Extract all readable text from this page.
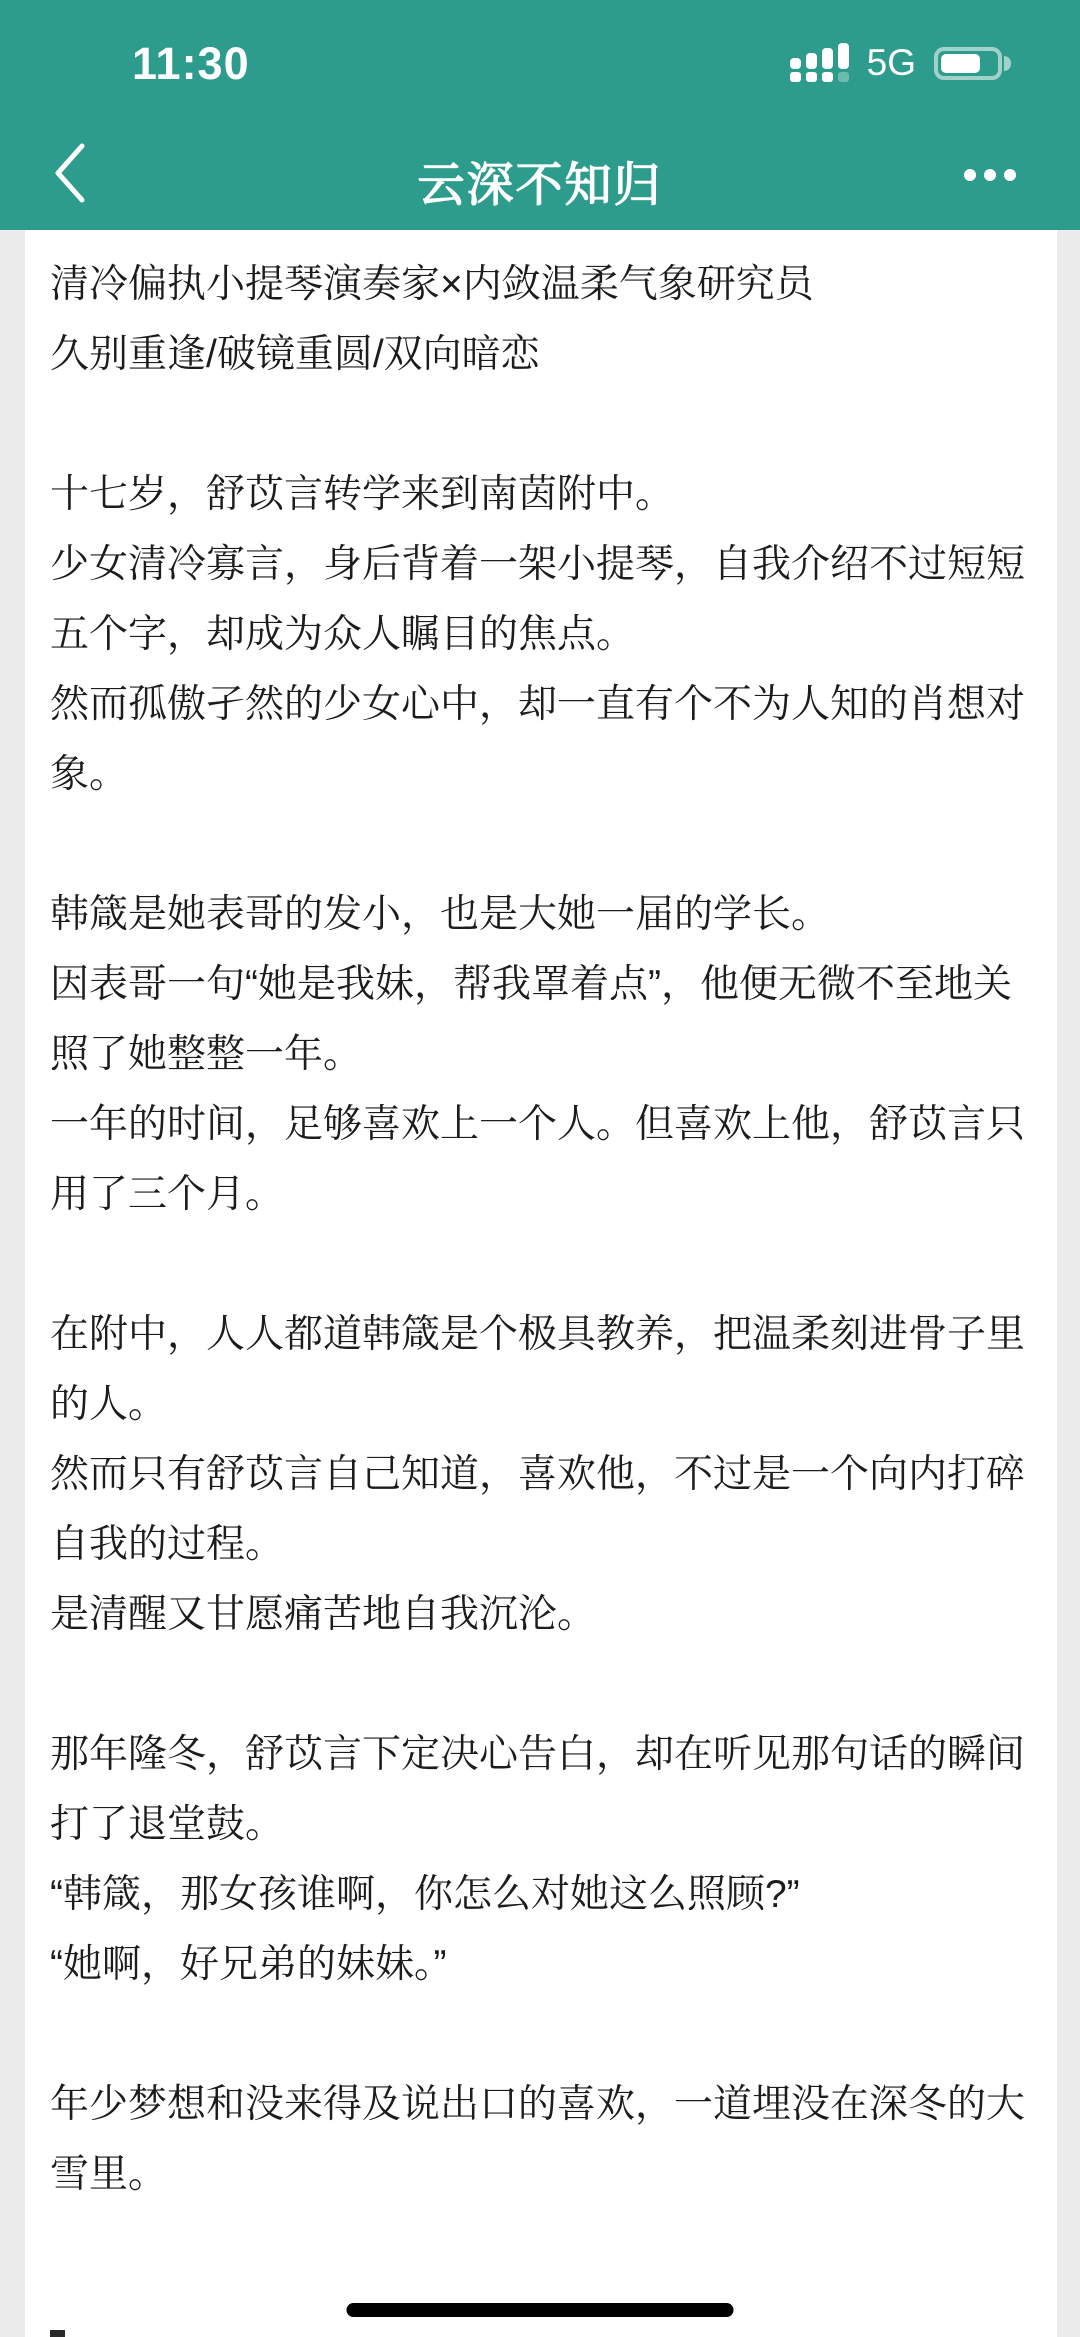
11:30	5G
云深不知归

清冷偏执小提琴演奏家×内敛温柔气象研究员

久别重逢/破镜重圆/双向暗恋

十七岁，舒苡言转学来到南茵附中。

少女清冷寡言，身后背着一架小提琴，自我介绍不过短短五个字，却成为众人瞩目的焦点。

然而孤傲孑然的少女心中，却一直有个不为人知的肖想对象。

韩箴是她表哥的发小，也是大她一届的学长。

因表哥一句“她是我妹，帮我罩着点”，他便无微不至地关照了她整整一年。

一年的时间，足够喜欢上一个人。但喜欢上他，舒苡言只用了三个月。

在附中，人人都道韩箴是个极具教养，把温柔刻进骨子里的人。

然而只有舒苡言自己知道，喜欢他，不过是一个向内打碎自我的过程。

是清醒又甘愿痛苦地自我沉沦。

那年隆冬，舒苡言下定决心告白，却在听见那句话的瞬间打了退堂鼓。

“韩箴，那女孩谁啊，你怎么对她这么照顾?”

“她啊，好兄弟的妹妹。”

年少梦想和没来得及说出口的喜欢，一道埋没在深冬的大雪里。
